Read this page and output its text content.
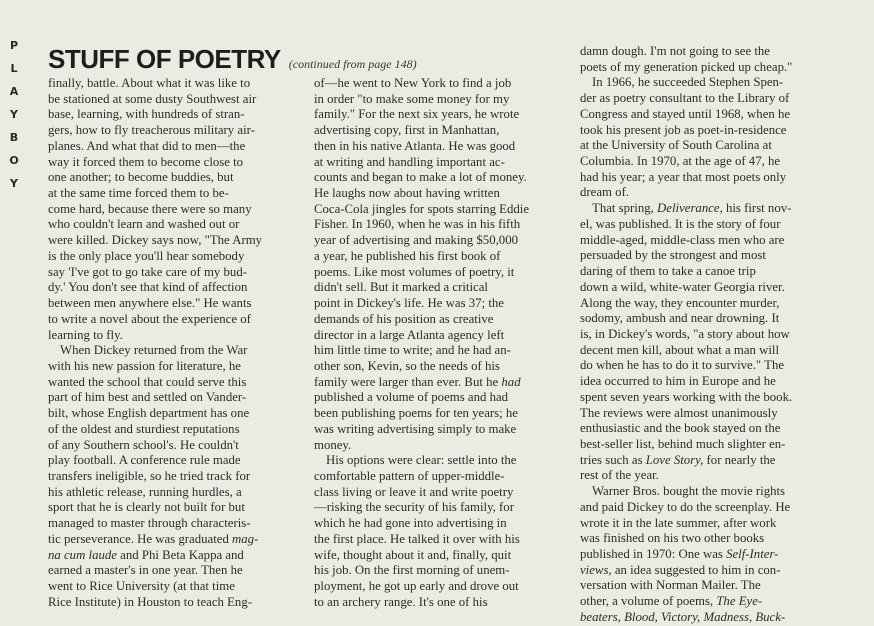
P
L
A
Y
B
O
Y
STUFF OF POETRY (continued from page 148)
finally, battle. About what it was like to
be stationed at some dusty Southwest air
base, learning, with hundreds of stran-
gers, how to fly treacherous military air-
planes. And what that did to men—the
way it forced them to become close to
one another; to become buddies, but
at the same time forced them to be-
come hard, because there were so many
who couldn't learn and washed out or
were killed. Dickey says now, "The Army
is the only place you'll hear somebody
say 'I've got to go take care of my bud-
dy.' You don't see that kind of affection
between men anywhere else." He wants
to write a novel about the experience of
learning to fly.
When Dickey returned from the War
with his new passion for literature, he
wanted the school that could serve this
part of him best and settled on Vander-
bilt, whose English department has one
of the oldest and sturdiest reputations
of any Southern school's. He couldn't
play football. A conference rule made
transfers ineligible, so he tried track for
his athletic release, running hurdles, a
sport that he is clearly not built for but
managed to master through characteris-
tic perseverance. He was graduated mag-
na cum laude and Phi Beta Kappa and
earned a master's in one year. Then he
went to Rice University (at that time
Rice Institute) in Houston to teach Eng-
of—he went to New York to find a job
in order "to make some money for my
family." For the next six years, he wrote
advertising copy, first in Manhattan,
then in his native Atlanta. He was good
at writing and handling important ac-
counts and began to make a lot of money.
He laughs now about having written
Coca-Cola jingles for spots starring Eddie
Fisher. In 1960, when he was in his fifth
year of advertising and making $50,000
a year, he published his first book of
poems. Like most volumes of poetry, it
didn't sell. But it marked a critical
point in Dickey's life. He was 37; the
demands of his position as creative
director in a large Atlanta agency left
him little time to write; and he had an-
other son, Kevin, so the needs of his
family were larger than ever. But he had
published a volume of poems and had
been publishing poems for ten years; he
was writing advertising simply to make
money.
His options were clear: settle into the
comfortable pattern of upper-middle-
class living or leave it and write poetry
—risking the security of his family, for
which he had gone into advertising in
the first place. He talked it over with his
wife, thought about it and, finally, quit
his job. On the first morning of unem-
ployment, he got up early and drove out
to an archery range. It's one of his
damn dough. I'm not going to see the
poets of my generation picked up cheap."
In 1966, he succeeded Stephen Spen-
der as poetry consultant to the Library of
Congress and stayed until 1968, when he
took his present job as poet-in-residence
at the University of South Carolina at
Columbia. In 1970, at the age of 47, he
had his year; a year that most poets only
dream of.
That spring, Deliverance, his first nov-
el, was published. It is the story of four
middle-aged, middle-class men who are
persuaded by the strongest and most
daring of them to take a canoe trip
down a wild, white-water Georgia river.
Along the way, they encounter murder,
sodomy, ambush and near drowning. It
is, in Dickey's words, "a story about how
decent men kill, about what a man will
do when he has to do it to survive." The
idea occurred to him in Europe and he
spent seven years working with the book.
The reviews were almost unanimously
enthusiastic and the book stayed on the
best-seller list, behind much slighter en-
tries such as Love Story, for nearly the
rest of the year.
Warner Bros. bought the movie rights
and paid Dickey to do the screenplay. He
wrote it in the late summer, after work
was finished on his two other books
published in 1970: One was Self-Inter-
views, an idea suggested to him in con-
versation with Norman Mailer. The
other, a volume of poems, The Eye-
beaters, Blood, Victory, Madness, Buck-
